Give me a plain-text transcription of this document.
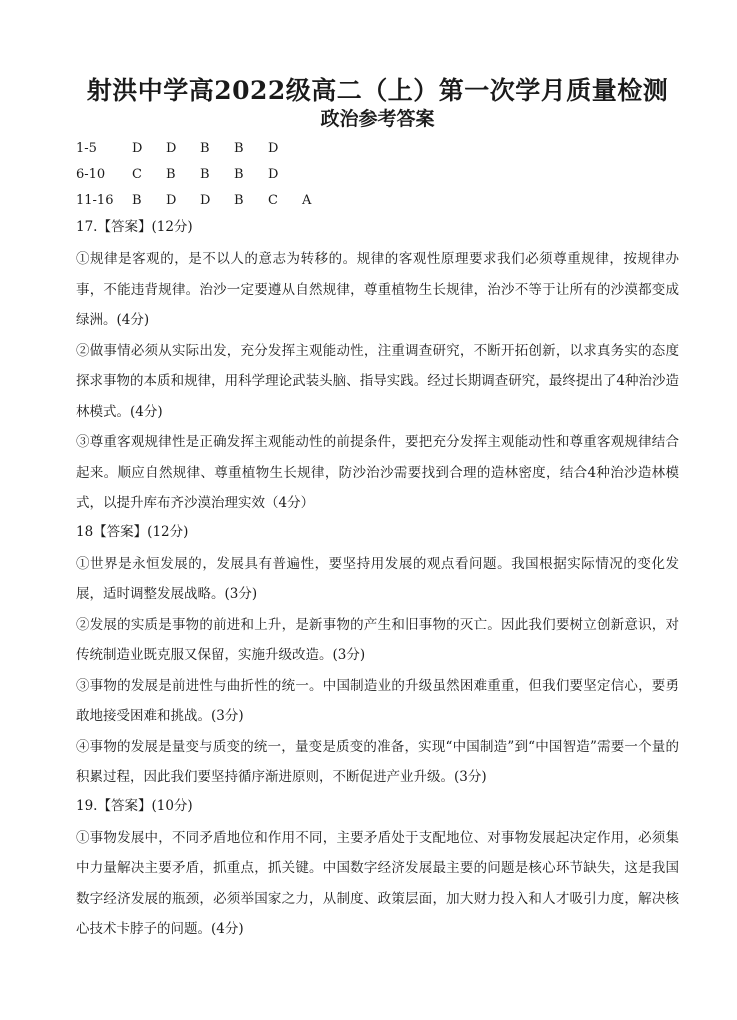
射洪中学高2022级高二（上）第一次学月质量检测
政治参考答案
1-5	D	D	B	B	D
6-10	C	B	B	B	D
11-16	B	D	D	B	C	A
17.【答案】(12分)

①规律是客观的，是不以人的意志为转移的。规律的客观性原理要求我们必须尊重规律，按规律办事，不能违背规律。治沙一定要遵从自然规律，尊重植物生长规律，治沙不等于让所有的沙漠都变成绿洲。(4分)

②做事情必须从实际出发，充分发挥主观能动性，注重调查研究，不断开拓创新，以求真务实的态度探求事物的本质和规律，用科学理论武装头脑、指导实践。经过长期调查研究，最终提出了4种治沙造林模式。(4分)

③尊重客观规律性是正确发挥主观能动性的前提条件，要把充分发挥主观能动性和尊重客观规律结合起来。顺应自然规律、尊重植物生长规律，防沙治沙需要找到合理的造林密度，结合4种治沙造林模式，以提升库布齐沙漠治理实效（4分）

18【答案】(12分)

①世界是永恒发展的，发展具有普遍性，要坚持用发展的观点看问题。我国根据实际情况的变化发展，适时调整发展战略。(3分)

②发展的实质是事物的前进和上升，是新事物的产生和旧事物的灭亡。因此我们要树立创新意识，对传统制造业既克服又保留，实施升级改造。(3分)

③事物的发展是前进性与曲折性的统一。中国制造业的升级虽然困难重重，但我们要坚定信心，要勇敢地接受困难和挑战。(3分)

④事物的发展是量变与质变的统一，量变是质变的准备，实现“中国制造”到“中国智造”需要一个量的积累过程，因此我们要坚持循序渐进原则，不断促进产业升级。(3分)

19.【答案】(10分)

①事物发展中，不同矛盾地位和作用不同，主要矛盾处于支配地位、对事物发展起决定作用，必须集中力量解决主要矛盾，抓重点，抓关键。中国数字经济发展最主要的问题是核心环节缺失，这是我国数字经济发展的瓶颈，必须举国家之力，从制度、政策层面，加大财力投入和人才吸引力度，解决核心技术卡脖子的问题。(4分)
